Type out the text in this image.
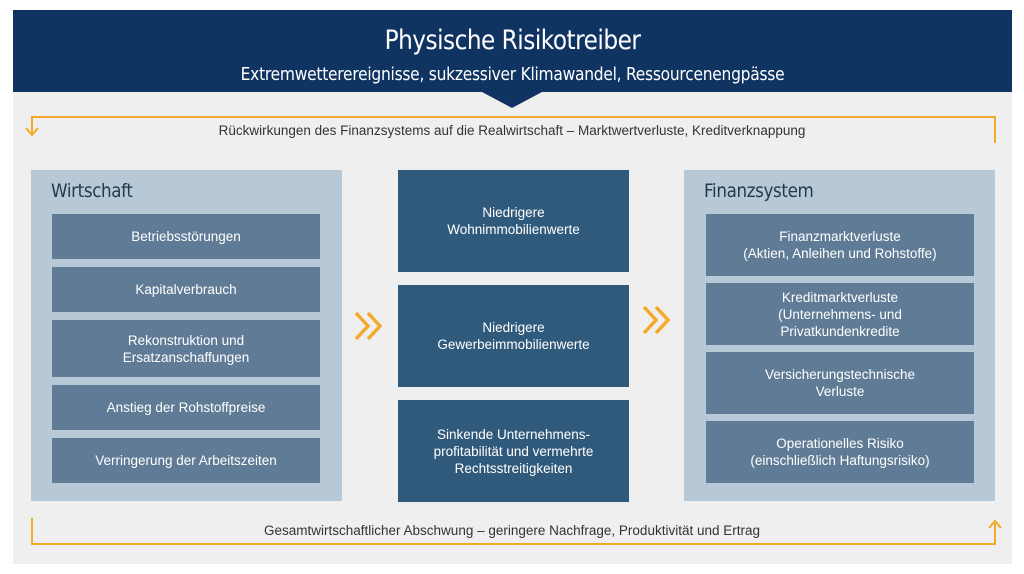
Physische Risikotreiber
Extremwetterereignisse, sukzessiver Klimawandel, Ressourcenengpässe
Rückwirkungen des Finanzsystems auf die Realwirtschaft – Marktwertverluste, Kreditverknappung
Gesamtwirtschaftlicher Abschwung – geringere Nachfrage, Produktivität und Ertrag
Wirtschaft
Betriebsstörungen
Kapitalverbrauch
Rekonstruktion und
Ersatzanschaffungen
Anstieg der Rohstoffpreise
Verringerung der Arbeitszeiten
Niedrigere
Wohnimmobilienwerte
Niedrigere
Gewerbeimmobilienwerte
Sinkende Unternehmens-
profitabilität und vermehrte
Rechtsstreitigkeiten
Finanzsystem
Finanzmarktverluste
(Aktien, Anleihen und Rohstoffe)
Kreditmarktverluste
(Unternehmens- und
Privatkundenkredite
Versicherungstechnische
Verluste
Operationelles Risiko
(einschließlich Haftungsrisiko)
